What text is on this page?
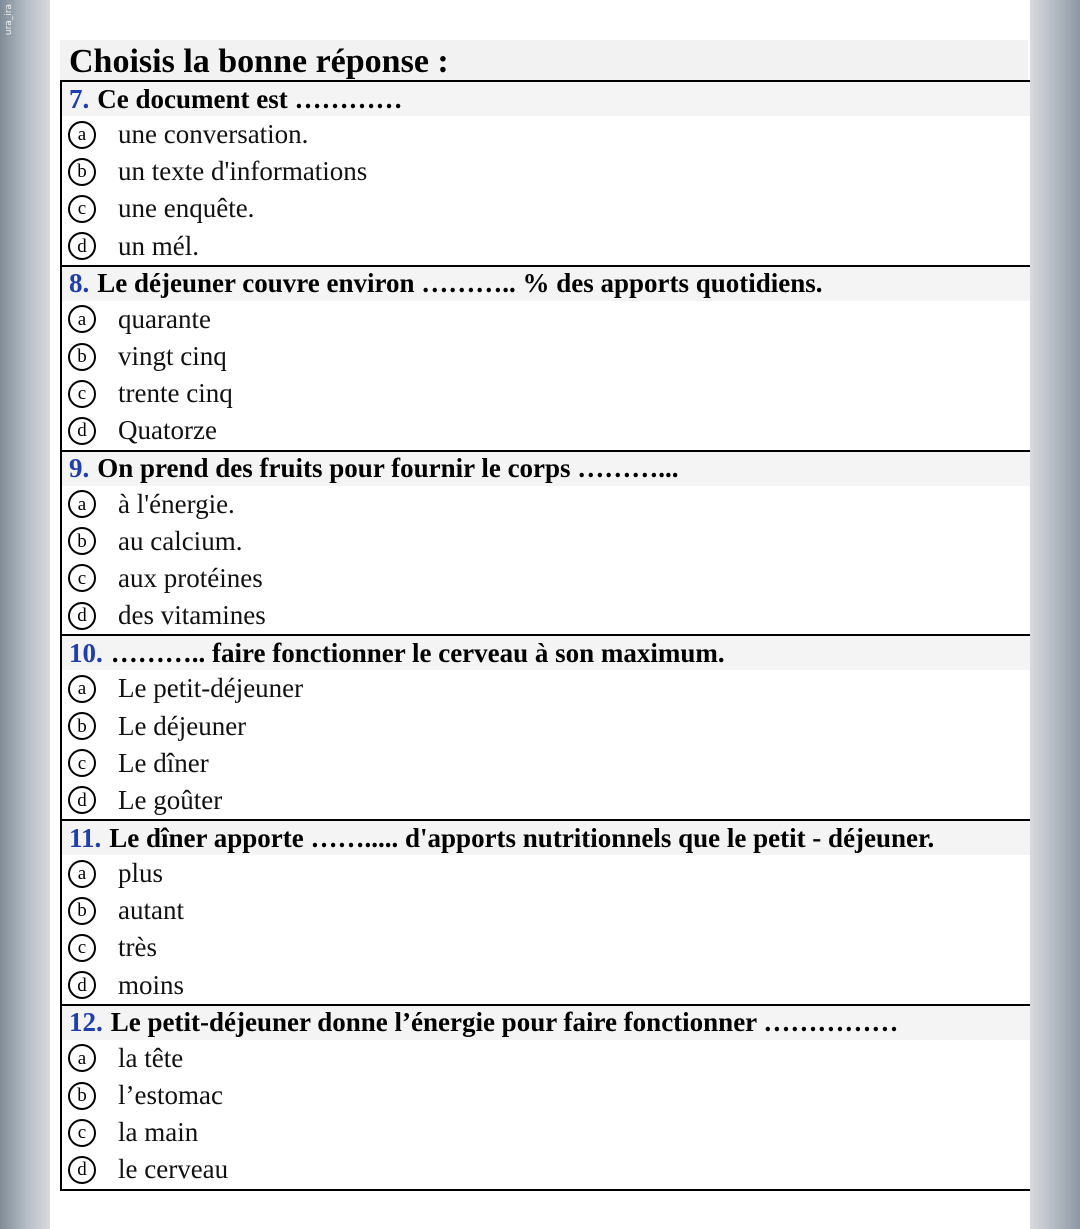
ura_ira
Choisis la bonne réponse :
7. Ce document est …………
a	une conversation.
b	un texte d'informations
c	une enquête.
d	un mél.
8. Le déjeuner couvre environ ……….. % des apports quotidiens.
a	quarante
b	vingt cinq
c	trente cinq
d	Quatorze
9. On prend des fruits pour fournir le corps ………...
a	à l'énergie.
b	au calcium.
c	aux protéines
d	des vitamines
10. ……….. faire fonctionner le cerveau à son maximum.
a	Le petit-déjeuner
b	Le déjeuner
c	Le dîner
d	Le goûter
11. Le dîner apporte ……..... d'apports nutritionnels que le petit - déjeuner.
a	plus
b	autant
c	très
d	moins
12. Le petit-déjeuner donne l’énergie pour faire fonctionner ……………
a	la tête
b	l’estomac
c	la main
d	le cerveau
